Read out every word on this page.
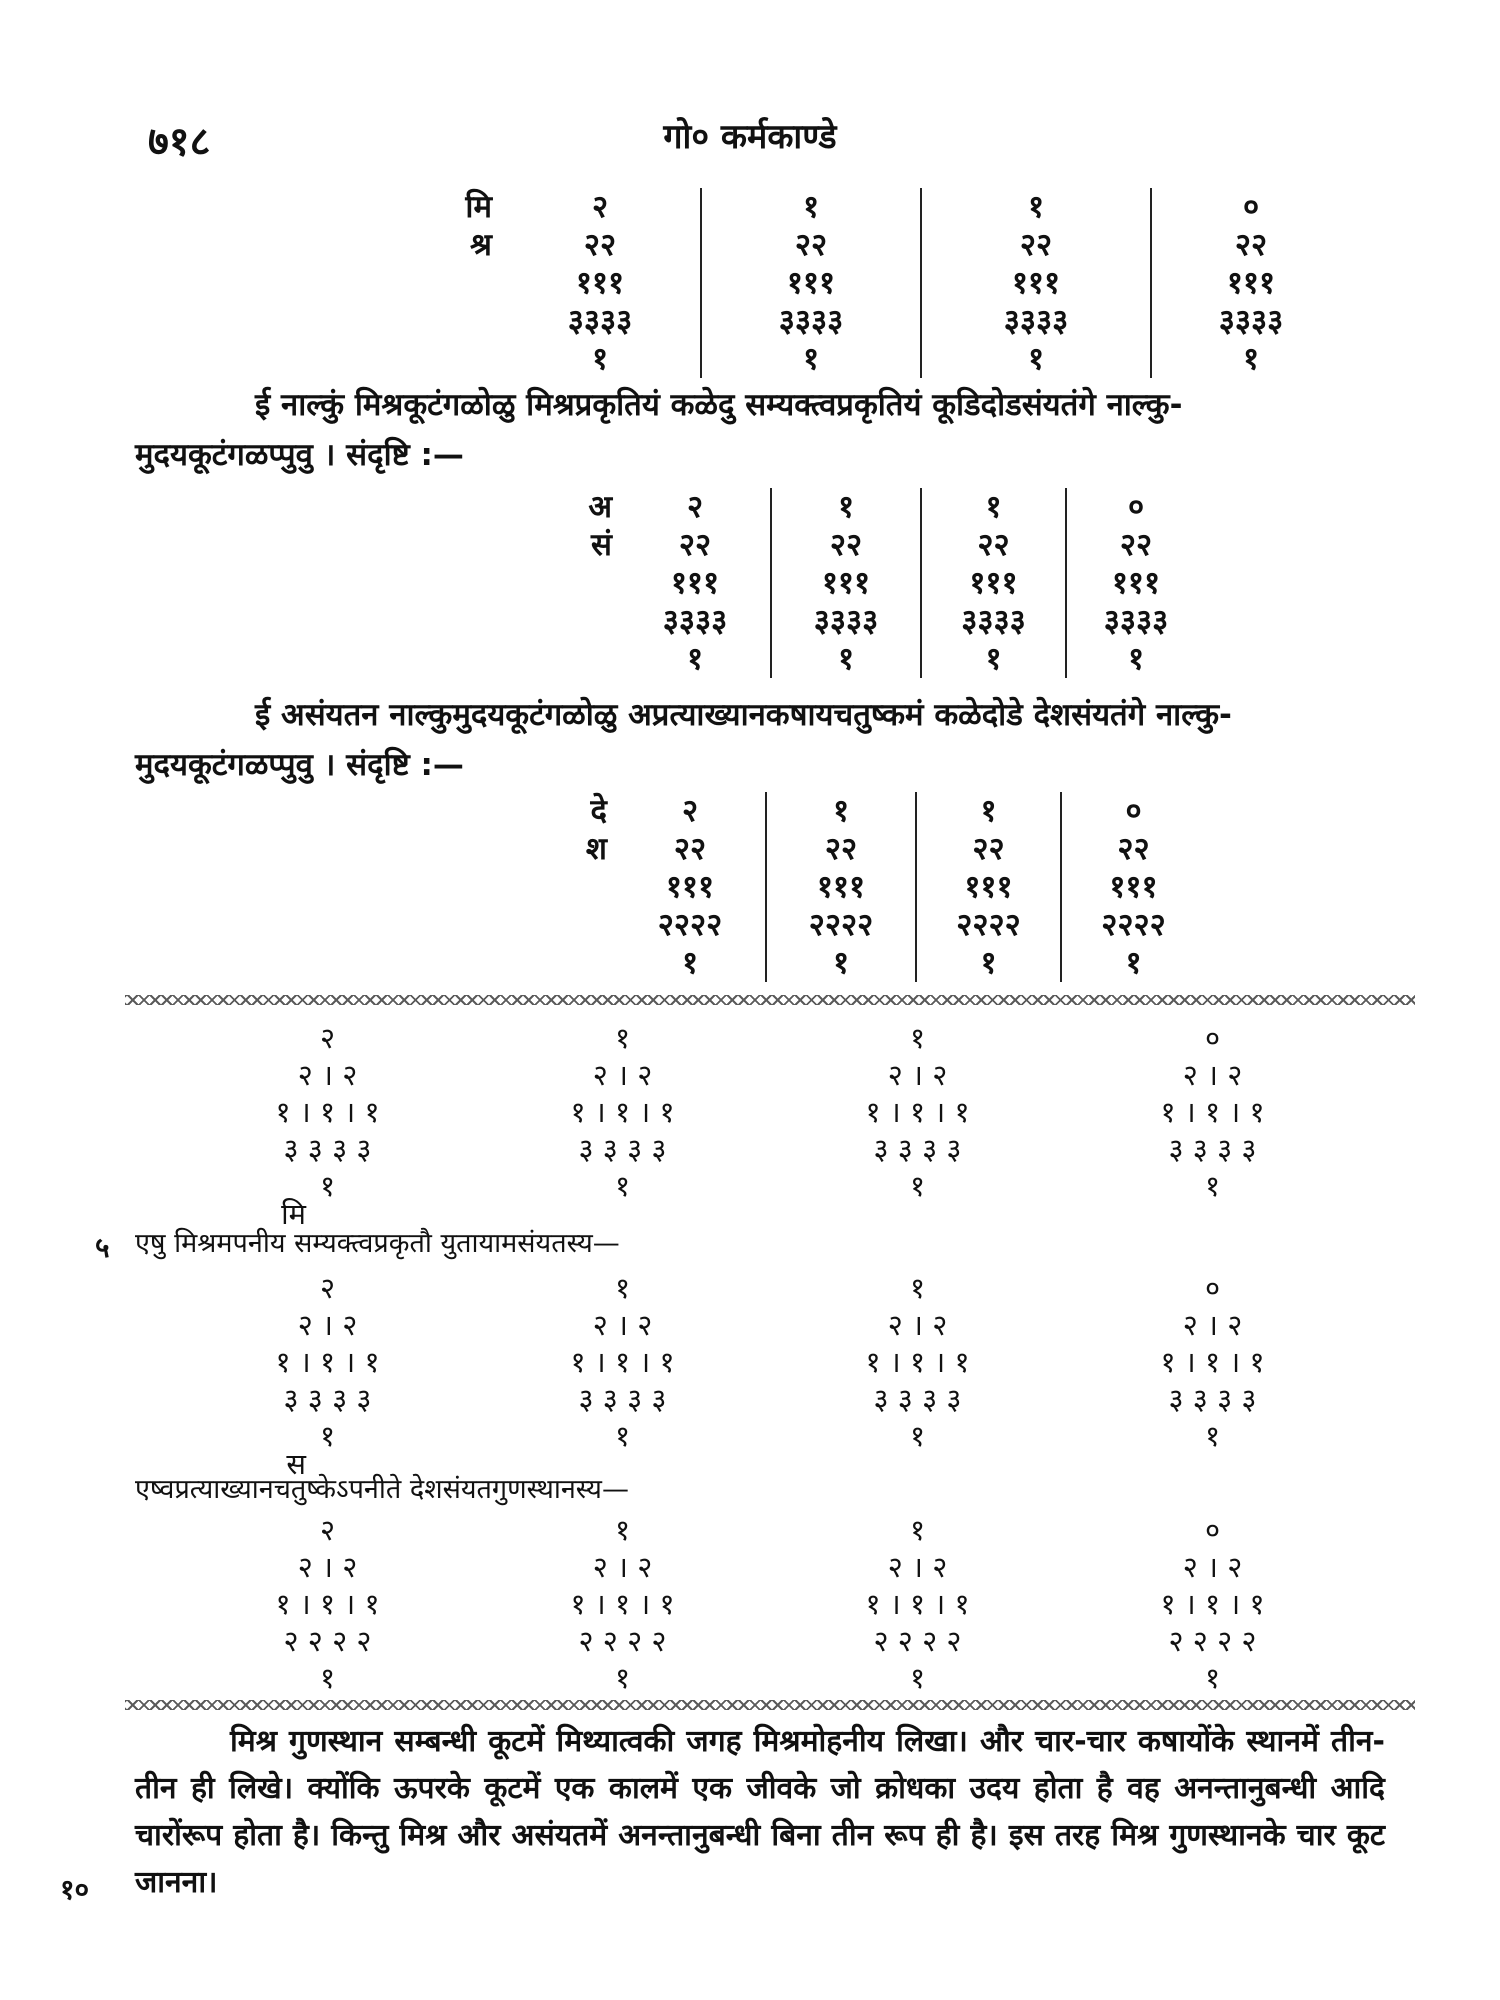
७१८	गो० कर्मकाण्डे
मि
श्र
२
२२
१११
३३३३
१
१
२२
१११
३३३३
१
१
२२
१११
३३३३
१
०
२२
१११
३३३३
१
ई नाल्कुं मिश्रकूटंगळोळु मिश्रप्रकृतियं कळेदु सम्यक्त्वप्रकृतियं कूडिदोडसंयतंगे नाल्कु-
मुदयकूटंगळप्पुवु । संदृष्टि :—
अ
सं
२
२२
१११
३३३३
१
१
२२
१११
३३३३
१
१
२२
१११
३३३३
१
०
२२
१११
३३३३
१
ई असंयतन नाल्कुमुदयकूटंगळोळु अप्रत्याख्यानकषायचतुष्कमं कळेदोडे देशसंयतंगे नाल्कु-
मुदयकूटंगळप्पुवु । संदृष्टि :—
दे
श
२
२२
१११
२२२२
१
१
२२
१११
२२२२
१
१
२२
१११
२२२२
१
०
२२
१११
२२२२
१
२
२ । २
१ । १ । १
३ ३ ३ ३
मि
१
१
२ । २
१ । १ । १
३ ३ ३ ३
१
१
२ । २
१ । १ । १
३ ३ ३ ३
१
०
२ । २
१ । १ । १
३ ३ ३ ३
१
५ एषु मिश्रमपनीय सम्यक्त्वप्रकृतौ युतायामसंयतस्य—
२
२ । २
१ । १ । १
३ ३ ३ ३
स
१
१
२ । २
१ । १ । १
३ ३ ३ ३
१
१
२ । २
१ । १ । १
३ ३ ३ ३
१
०
२ । २
१ । १ । १
३ ३ ३ ३
१
एष्वप्रत्याख्यानचतुष्केऽपनीते देशसंयतगुणस्थानस्य—
२
२ । २
१ । १ । १
२ २ २ २
१
१
२ । २
१ । १ । १
२ २ २ २
१
१
२ । २
१ । १ । १
२ २ २ २
१
०
२ । २
१ । १ । १
२ २ २ २
१
१०
मिश्र गुणस्थान सम्बन्धी कूटमें मिथ्यात्वकी जगह मिश्रमोहनीय लिखा। और चार-चार कषायोंके स्थानमें तीन-तीन ही लिखे। क्योंकि ऊपरके कूटमें एक कालमें एक जीवके जो क्रोधका उदय होता है वह अनन्तानुबन्धी आदि चारोंरूप होता है। किन्तु मिश्र और असंयतमें अनन्तानुबन्धी बिना तीन रूप ही है। इस तरह मिश्र गुणस्थानके चार कूट जानना।
